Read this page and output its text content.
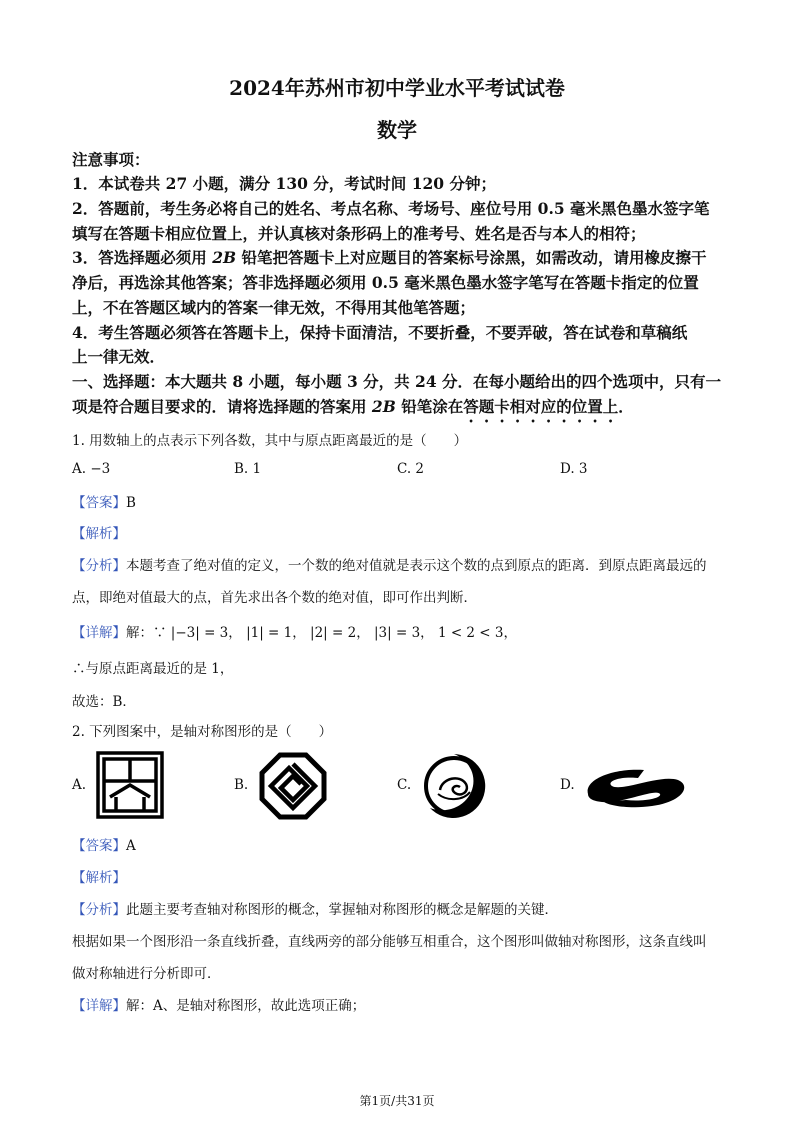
2024年苏州市初中学业水平考试试卷
数学
注意事项：
1．本试卷共 27 小题，满分 130 分，考试时间 120 分钟；
2．答题前，考生务必将自己的姓名、考点名称、考场号、座位号用 0.5 毫米黑色墨水签字笔
填写在答题卡相应位置上，并认真核对条形码上的准考号、姓名是否与本人的相符；
3．答选择题必须用 2B 铅笔把答题卡上对应题目的答案标号涂黑，如需改动，请用橡皮擦干
净后，再选涂其他答案；答非选择题必须用 0.5 毫米黑色墨水签字笔写在答题卡指定的位置
上，不在答题区域内的答案一律无效，不得用其他笔答题；
4．考生答题必须答在答题卡上，保持卡面清洁，不要折叠，不要弄破，答在试卷和草稿纸
上一律无效．
一、选择题：本大题共 8 小题，每小题 3 分，共 24 分．在每小题给出的四个选项中，只有一
项是符合题目要求的．请将选择题的答案用 2B 铅笔涂在答题卡相对应的位置上．
1. 用数轴上的点表示下列各数，其中与原点距离最近的是（　　）
A. −3	B. 1	C. 2	D. 3
【答案】B
【解析】
【分析】本题考查了绝对值的定义，一个数的绝对值就是表示这个数的点到原点的距离．到原点距离最远的
点，即绝对值最大的点，首先求出各个数的绝对值，即可作出判断．
【详解】解：∵ |−3| = 3， |1| = 1， |2| = 2， |3| = 3， 1 < 2 < 3，
∴与原点距离最近的是 1，
故选：B．
2. 下列图案中，是轴对称图形的是（　　）
A.	B.	C.	D.
【答案】A
【解析】
【分析】此题主要考查轴对称图形的概念，掌握轴对称图形的概念是解题的关键．
根据如果一个图形沿一条直线折叠，直线两旁的部分能够互相重合，这个图形叫做轴对称图形，这条直线叫
做对称轴进行分析即可．
【详解】解：A、是轴对称图形，故此选项正确；
第1页/共31页
